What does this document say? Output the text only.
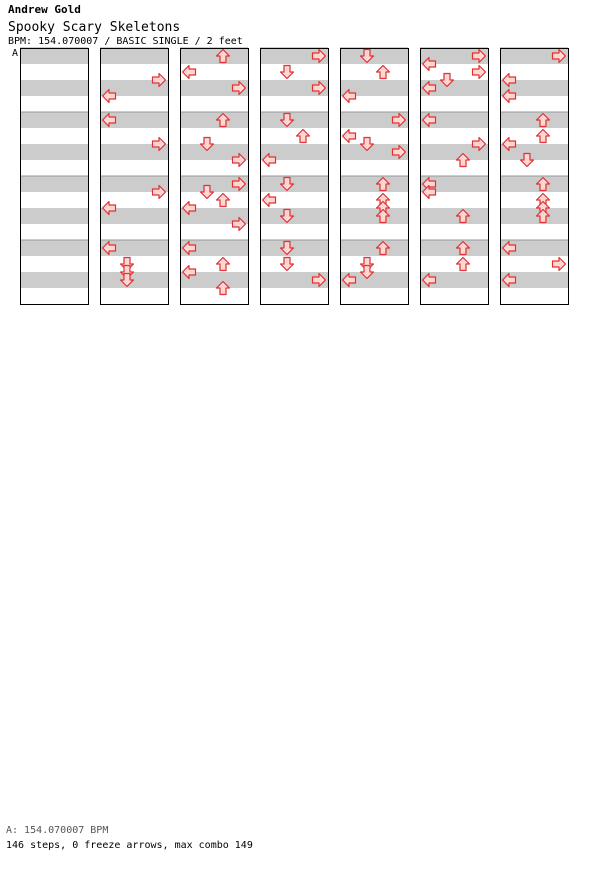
Andrew Gold
Spooky Scary Skeletons
BPM: 154.070007 / BASIC SINGLE / 2 feet
A
A: 154.070007 BPM
146 steps, 0 freeze arrows, max combo 149
